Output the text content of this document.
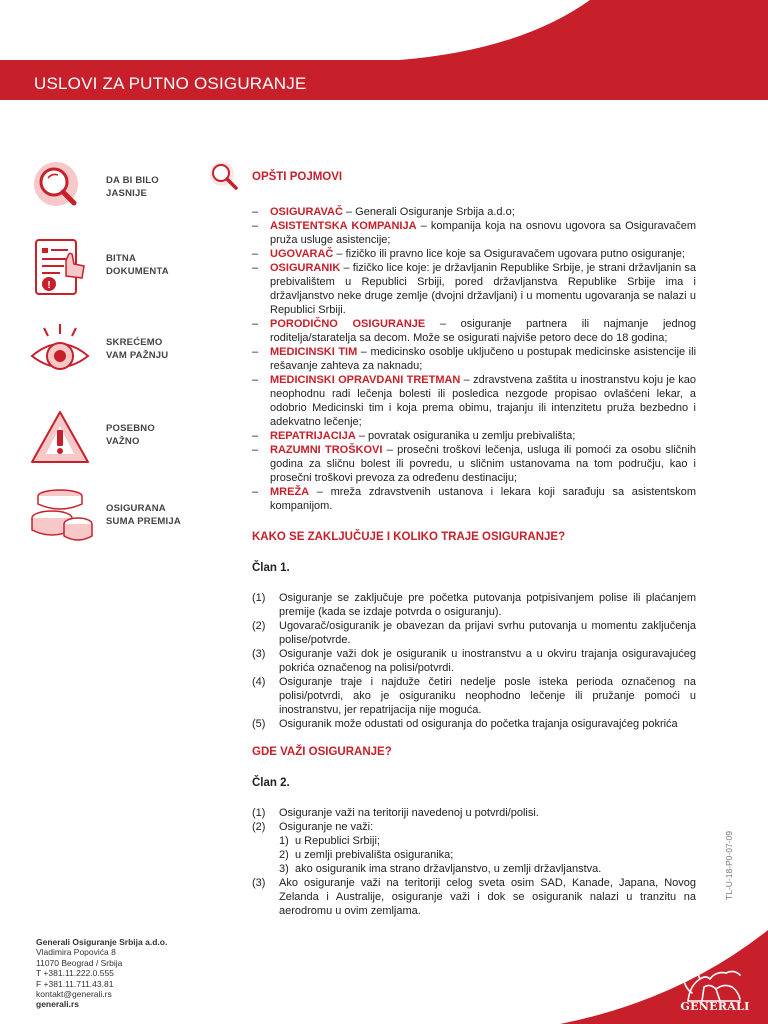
USLOVI ZA PUTNO OSIGURANJE
DA BI BILO
JASNIJE
!
BITNA
DOKUMENTA
SKREĆEMO
VAM PAŽNJU
POSEBNO
VAŽNO
OSIGURANA
SUMA PREMIJA
OPŠTI POJMOVI
– OSIGURAVAČ – Generali Osiguranje Srbija a.d.o;
– ASISTENTSKA KOMPANIJA – kompanija koja na osnovu ugovora sa Osiguravačem pruža usluge asistencije;
– UGOVARAČ – fizičko ili pravno lice koje sa Osiguravačem ugovara putno osiguranje;
– OSIGURANIK – fizičko lice koje: je državljanin Republike Srbije, je strani državljanin sa prebivalištem u Republici Srbiji, pored državljanstva Republike Srbije ima i državljanstvo neke druge zemlje (dvojni državljani) i u momentu ugovaranja se nalazi u Republici Srbiji.
– PORODIČNO OSIGURANJE – osiguranje partnera ili najmanje jednog roditelja/staratelja sa decom. Može se osigurati najviše petoro dece do 18 godina;
– MEDICINSKI TIM – medicinsko osoblje uključeno u postupak medicinske asistencije ili rešavanje zahteva za naknadu;
– MEDICINSKI OPRAVDANI TRETMAN – zdravstvena zaštita u inostranstvu koju je kao neophodnu radi lečenja bolesti ili posledica nezgode propisao ovlašćeni lekar, a odobrio Medicinski tim i koja prema obimu, trajanju ili intenzitetu pruža bezbedno i adekvatno lečenje;
– REPATRIJACIJA – povratak osiguranika u zemlju prebivališta;
– RAZUMNI TROŠKOVI – prosečni troškovi lečenja, usluga ili pomoći za osobu sličnih godina za sličnu bolest ili povredu, u sličnim ustanovama na tom području, kao i prosečni troškovi prevoza za određenu destinaciju;
– MREŽA – mreža zdravstvenih ustanova i lekara koji sarađuju sa asistentskom kompanijom.
KAKO SE ZAKLJUČUJE I KOLIKO TRAJE OSIGURANJE?

Član 1.

(1) Osiguranje se zaključuje pre početka putovanja potpisivanjem polise ili plaćanjem premije (kada se izdaje potvrda o osiguranju).
(2) Ugovarač/osiguranik je obavezan da prijavi svrhu putovanja u momentu zaključenja polise/potvrde.
(3) Osiguranje važi dok je osiguranik u inostranstvu a u okviru trajanja osiguravajućeg pokrića označenog na polisi/potvrdi.
(4) Osiguranje traje i najduže četiri nedelje posle isteka perioda označenog na polisi/potvrdi, ako je osiguraniku neophodno lečenje ili pružanje pomoći u inostranstvu, jer repatrijacija nije moguća.
(5) Osiguranik može odustati od osiguranja do početka trajanja osiguravajćeg pokrića
GDE VAŽI OSIGURANJE?

Član 2.

(1) Osiguranje važi na teritoriji navedenoj u potvrdi/polisi.
(2) Osiguranje ne važi:
1) u Republici Srbiji;
2) u zemlji prebivališta osiguranika;
3) ako osiguranik ima strano državljanstvo, u zemlji državljanstva.
(3) Ako osiguranje važi na teritoriji celog sveta osim SAD, Kanade, Japana, Novog Zelanda i Australije, osiguranje važi i dok se osiguranik nalazi u tranzitu na aerodromu u ovim zemljama.
TL-U-18-P0-07-09
Generali Osiguranje Srbija a.d.o.
Vladimira Popovića 8
11070 Beograd / Srbija
T +381.11.222.0.555
F +381.11.711.43.81
kontakt@generali.rs
generali.rs	GENERALI
